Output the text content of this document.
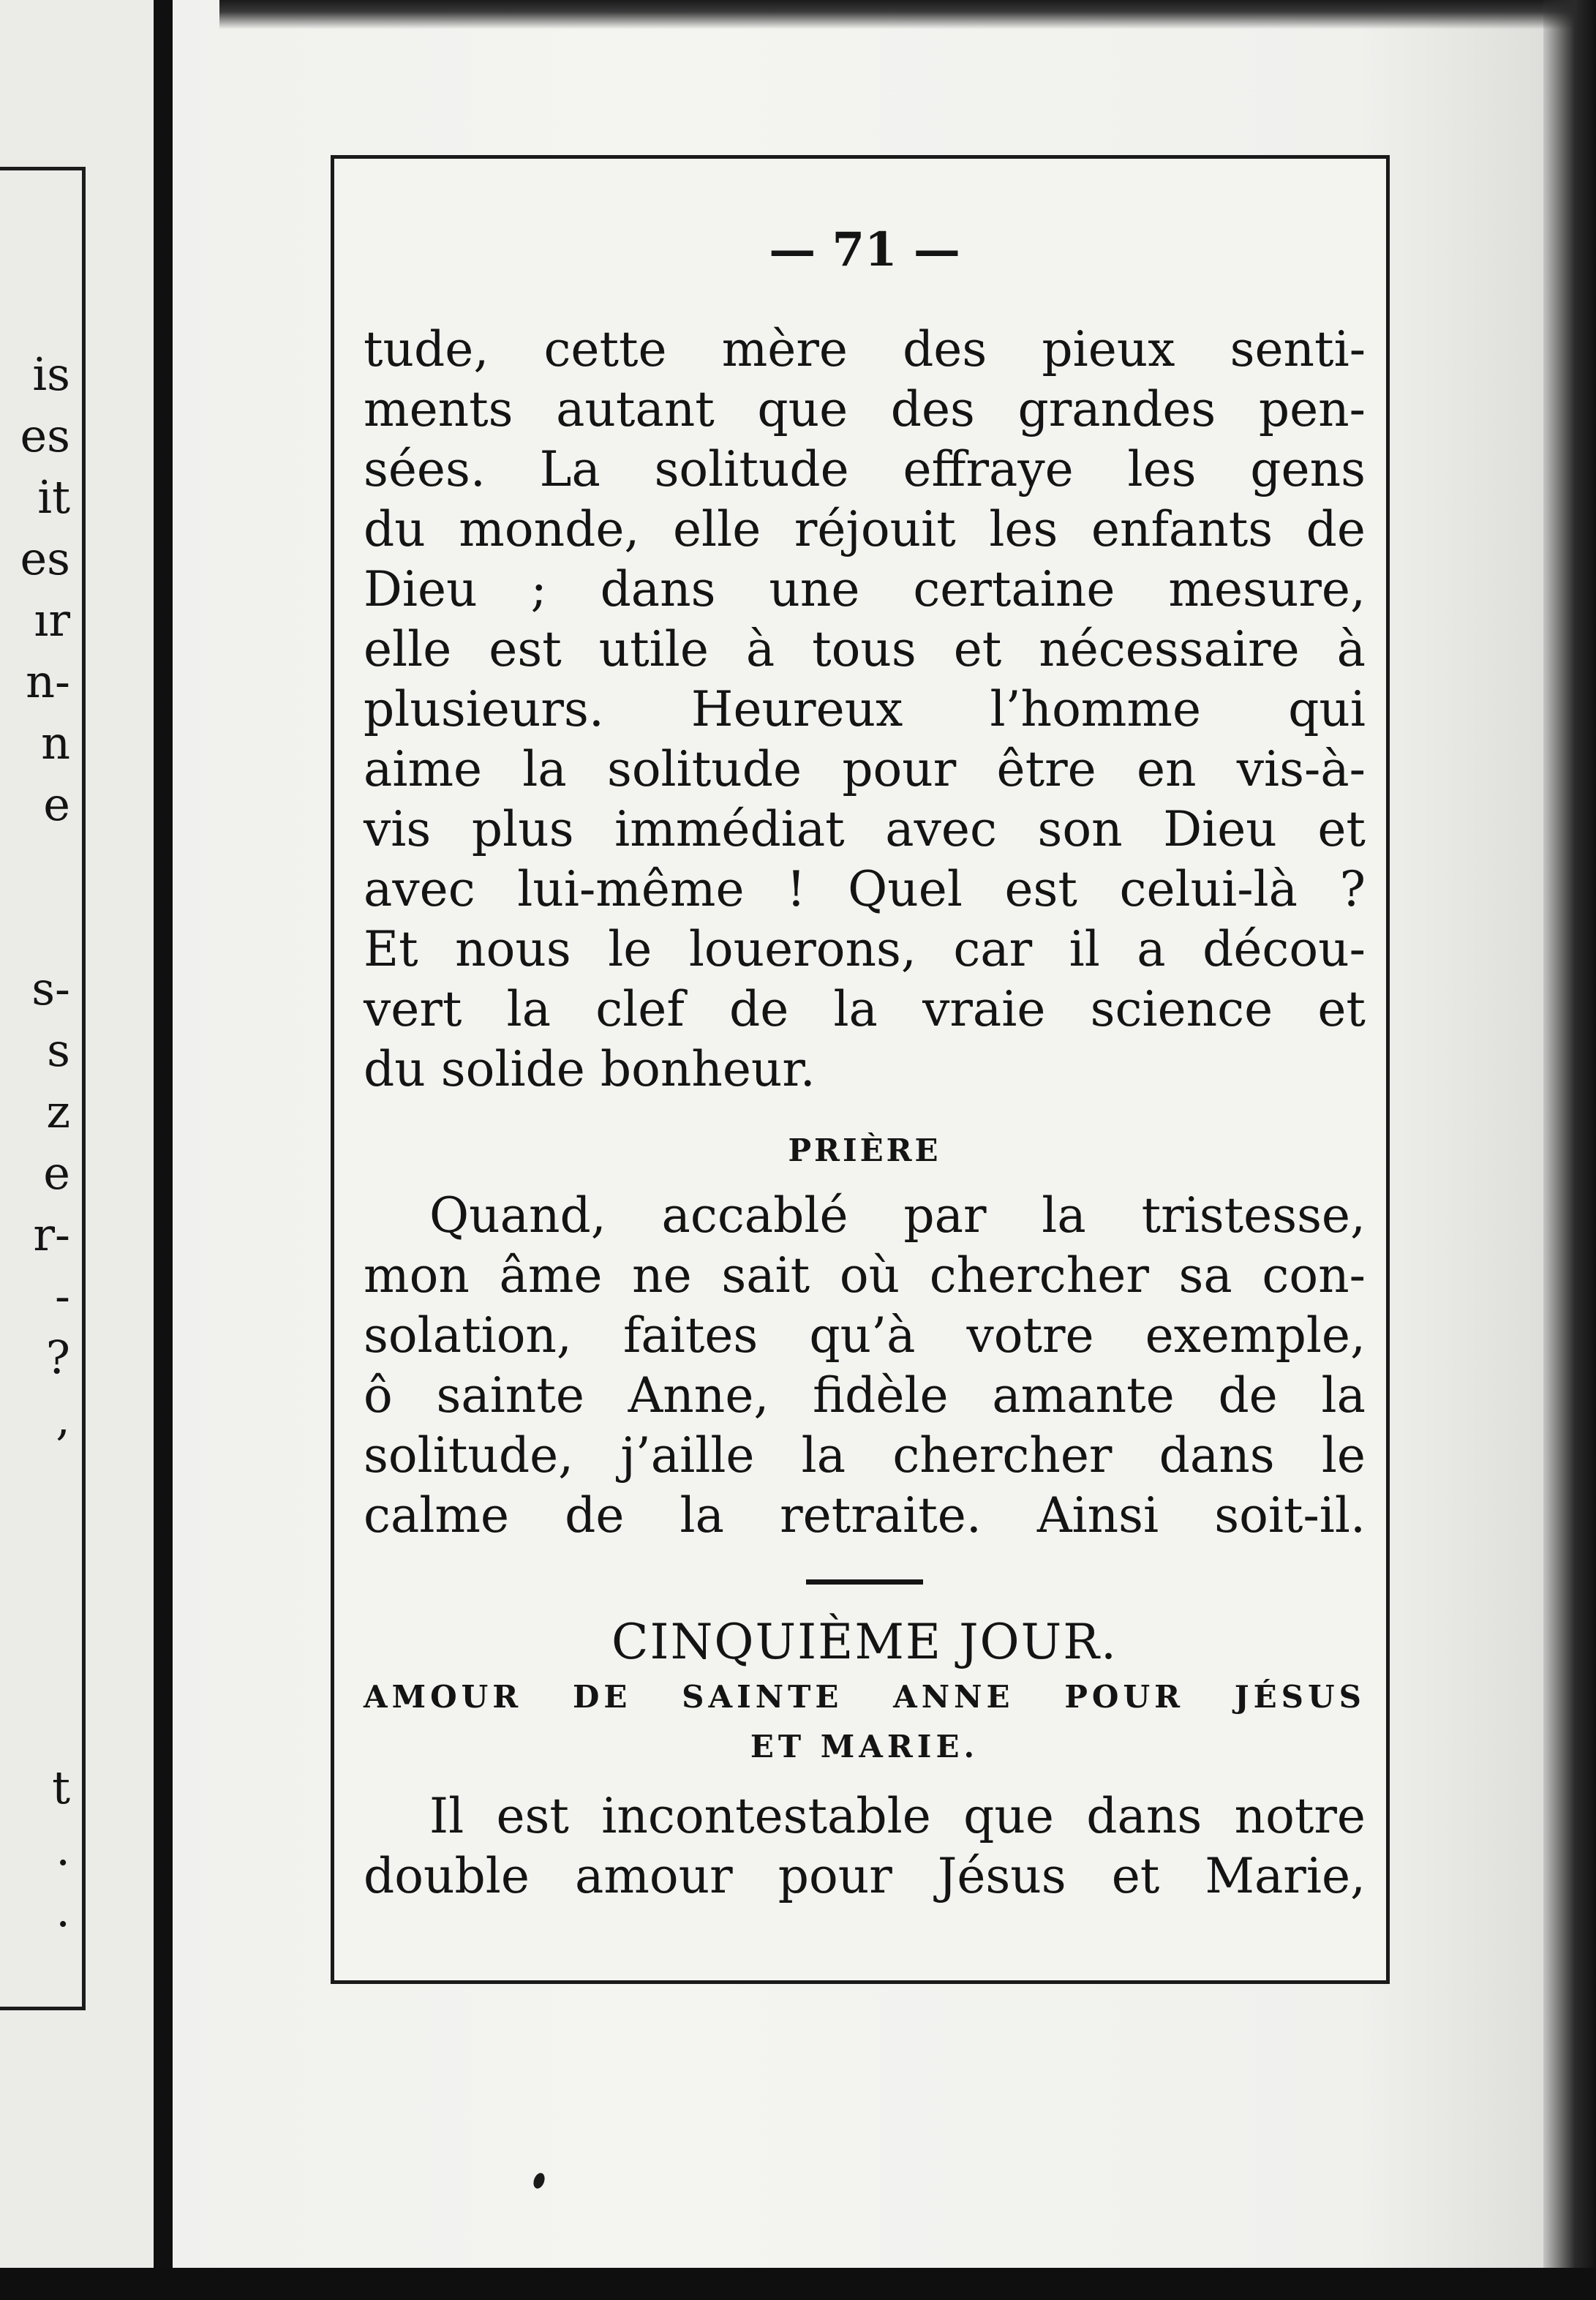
is
es
it
es
ır
n-
n
e
s-
s
z
e
r-
-
?
,
t
.
.
— 71 —
tude, cette mère des pieux senti-
ments autant que des grandes pen-
sées. La solitude effraye les gens
du monde, elle réjouit les enfants de
Dieu ; dans une certaine mesure,
elle est utile à tous et nécessaire à
plusieurs. Heureux l’homme qui
aime la solitude pour être en vis-à-
vis plus immédiat avec son Dieu et
avec lui-même ! Quel est celui-là ?
Et nous le louerons, car il a décou-
vert la clef de la vraie science et
du solide bonheur.
PRIÈRE
Quand, accablé par la tristesse,
mon âme ne sait où chercher sa con-
solation, faites qu’à votre exemple,
ô sainte Anne, fidèle amante de la
solitude, j’aille la chercher dans le
calme de la retraite. Ainsi soit-il.
CINQUIÈME JOUR.
AMOUR DE SAINTE ANNE POUR JÉSUS
ET MARIE.
Il est incontestable que dans notre
double amour pour Jésus et Marie,
